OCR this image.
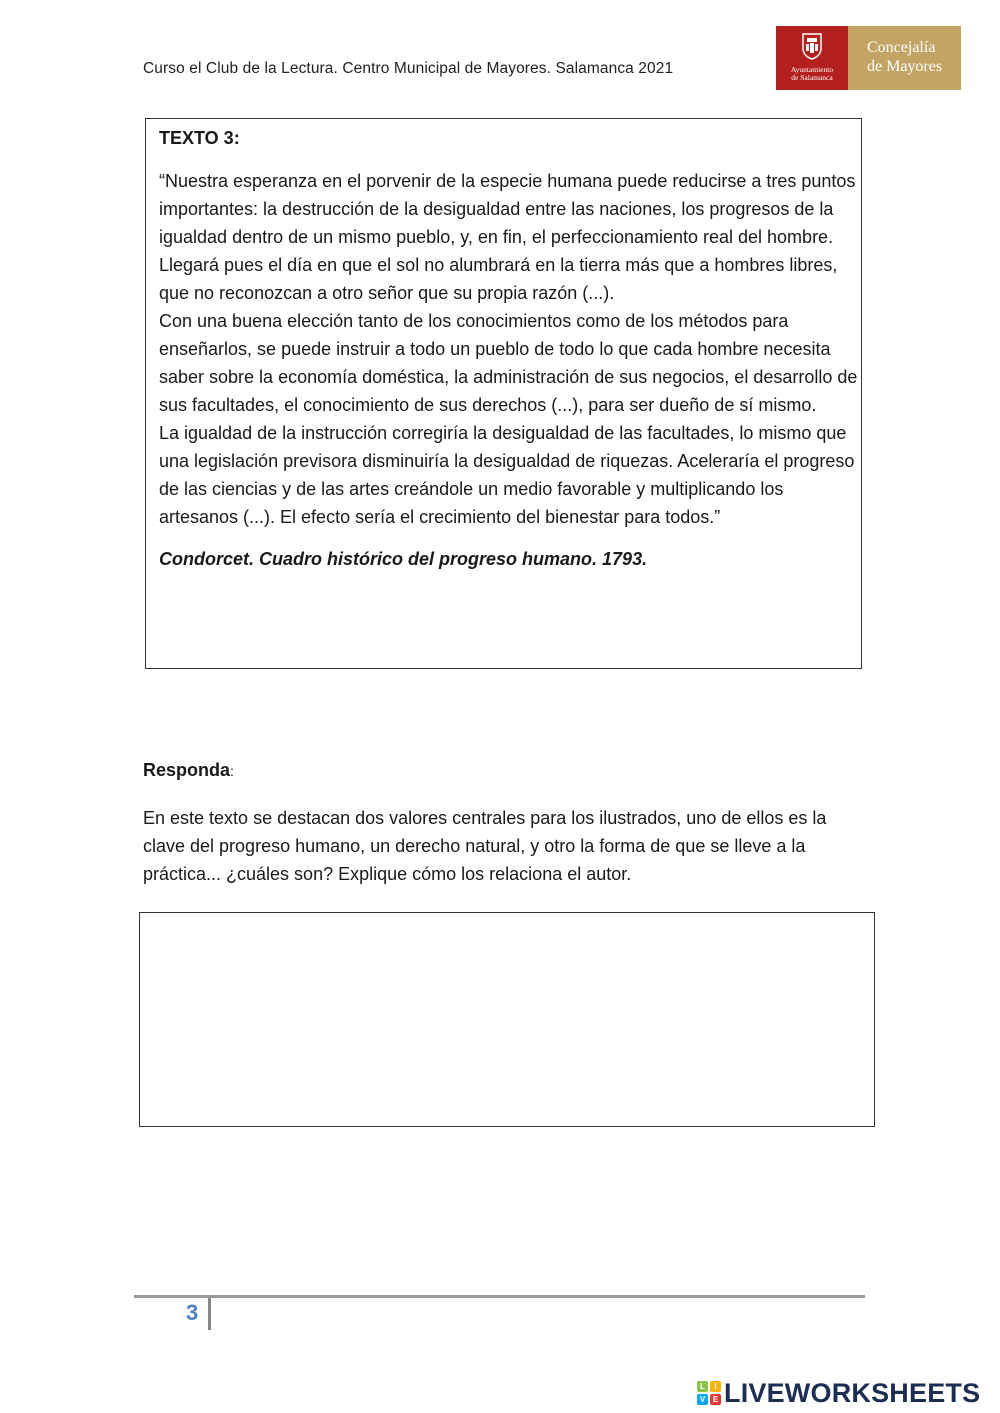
Curso el Club de la Lectura. Centro Municipal de Mayores. Salamanca 2021	Ayuntamiento
de Salamanca
Concejalía
de Mayores
TEXTO 3:

“Nuestra esperanza en el porvenir de la especie humana puede reducirse a tres puntos importantes: la destrucción de la desigualdad entre las naciones, los progresos de la igualdad dentro de un mismo pueblo, y, en fin, el perfeccionamiento real del hombre.

Llegará pues el día en que el sol no alumbrará en la tierra más que a hombres libres, que no reconozcan a otro señor que su propia razón (...).

Con una buena elección tanto de los conocimientos como de los métodos para enseñarlos, se puede instruir a todo un pueblo de todo lo que cada hombre necesita saber sobre la economía doméstica, la administración de sus negocios, el desarrollo de sus facultades, el conocimiento de sus derechos (...), para ser dueño de sí mismo.

La igualdad de la instrucción corregiría la desigualdad de las facultades, lo mismo que una legislación previsora disminuiría la desigualdad de riquezas. Aceleraría el progreso de las ciencias y de las artes creándole un medio favorable y multiplicando los artesanos (...). El efecto sería el crecimiento del bienestar para todos.”

Condorcet. Cuadro histórico del progreso humano. 1793.
Responda:

En este texto se destacan dos valores centrales para los ilustrados, uno de ellos es la clave del progreso humano, un derecho natural, y otro la forma de que se lleve a la práctica... ¿cuáles son? Explique cómo los relaciona el autor.

3
L	I
V E LIVEWORKSHEETS
